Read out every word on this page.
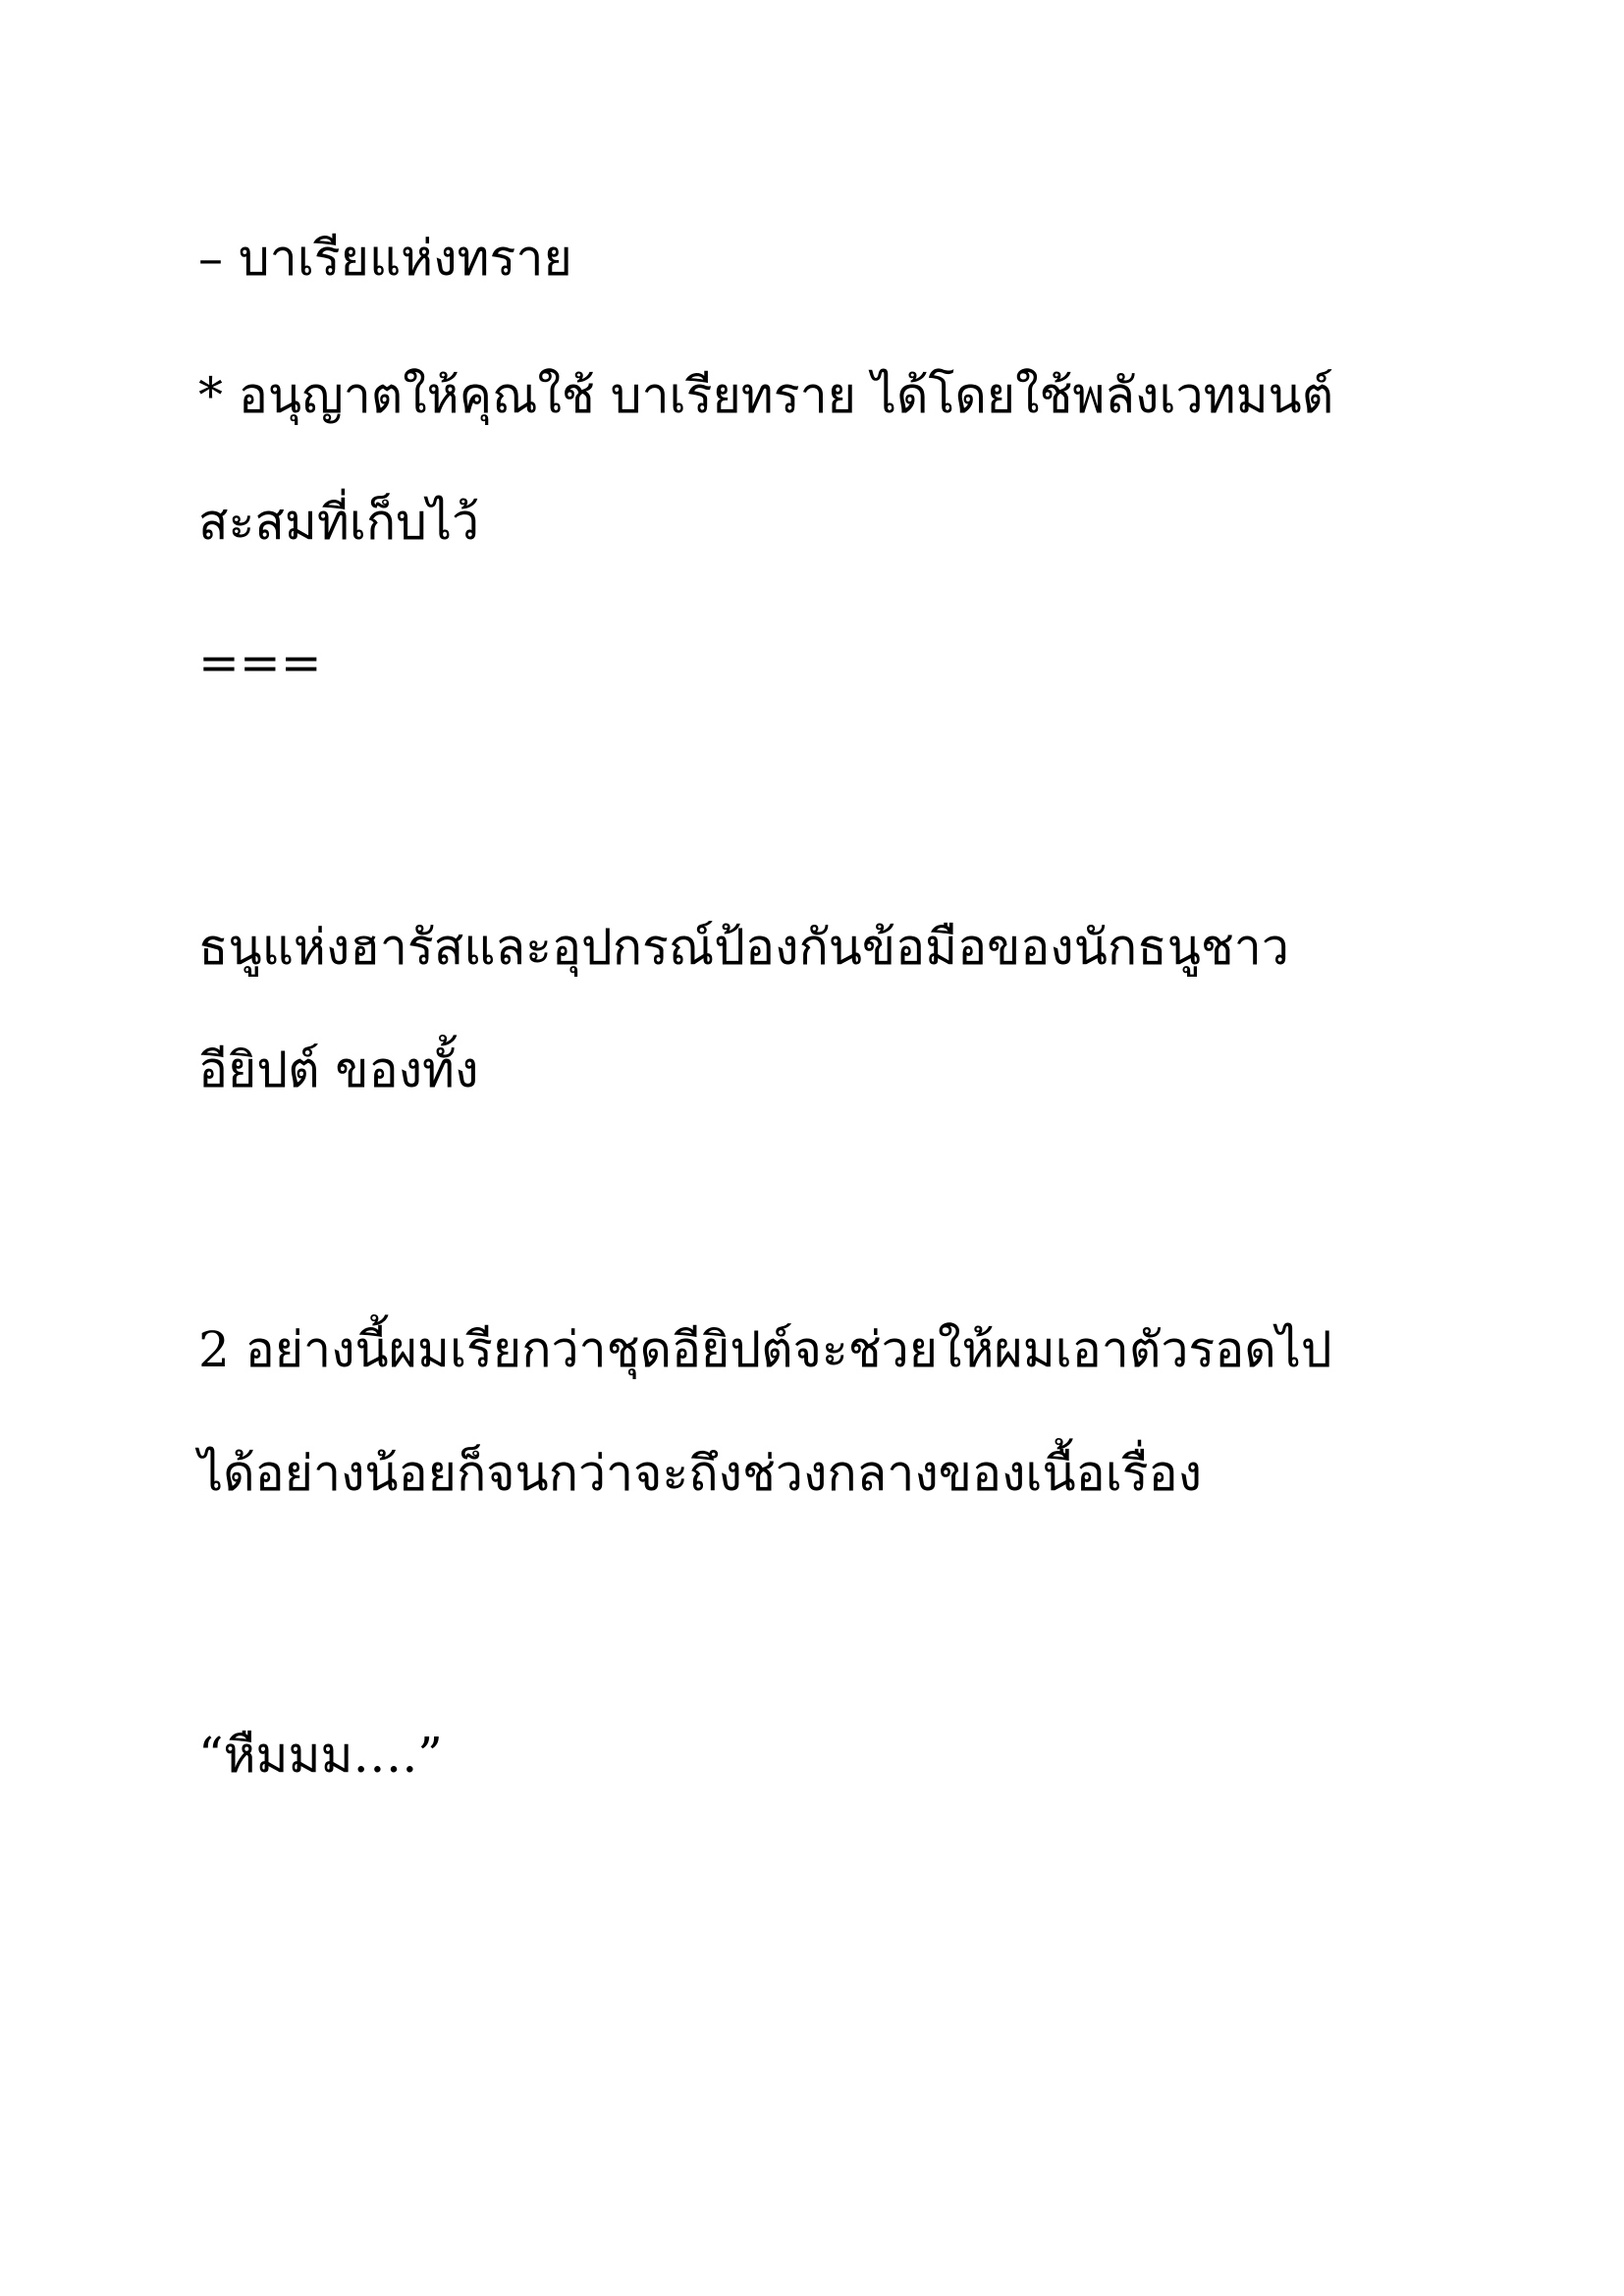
– บาเรียแห่งทราย

* อนุญาตให้คุณใช้ บาเรียทราย ได้โดยใช้พลังเวทมนต์

สะสมที่เก็บไว้

===

ธนูแห่งฮารัสและอุปกรณ์ป้องกันข้อมือของนักธนูชาว

อียิปต์ ของทั้ง

2 อย่างนี้ผมเรียกว่าชุดอียิปต์จะช่วยให้ผมเอาตัวรอดไป

ได้อย่างน้อยก็จนกว่าจะถึงช่วงกลางของเนื้อเรื่อง

“หืมมม….”
